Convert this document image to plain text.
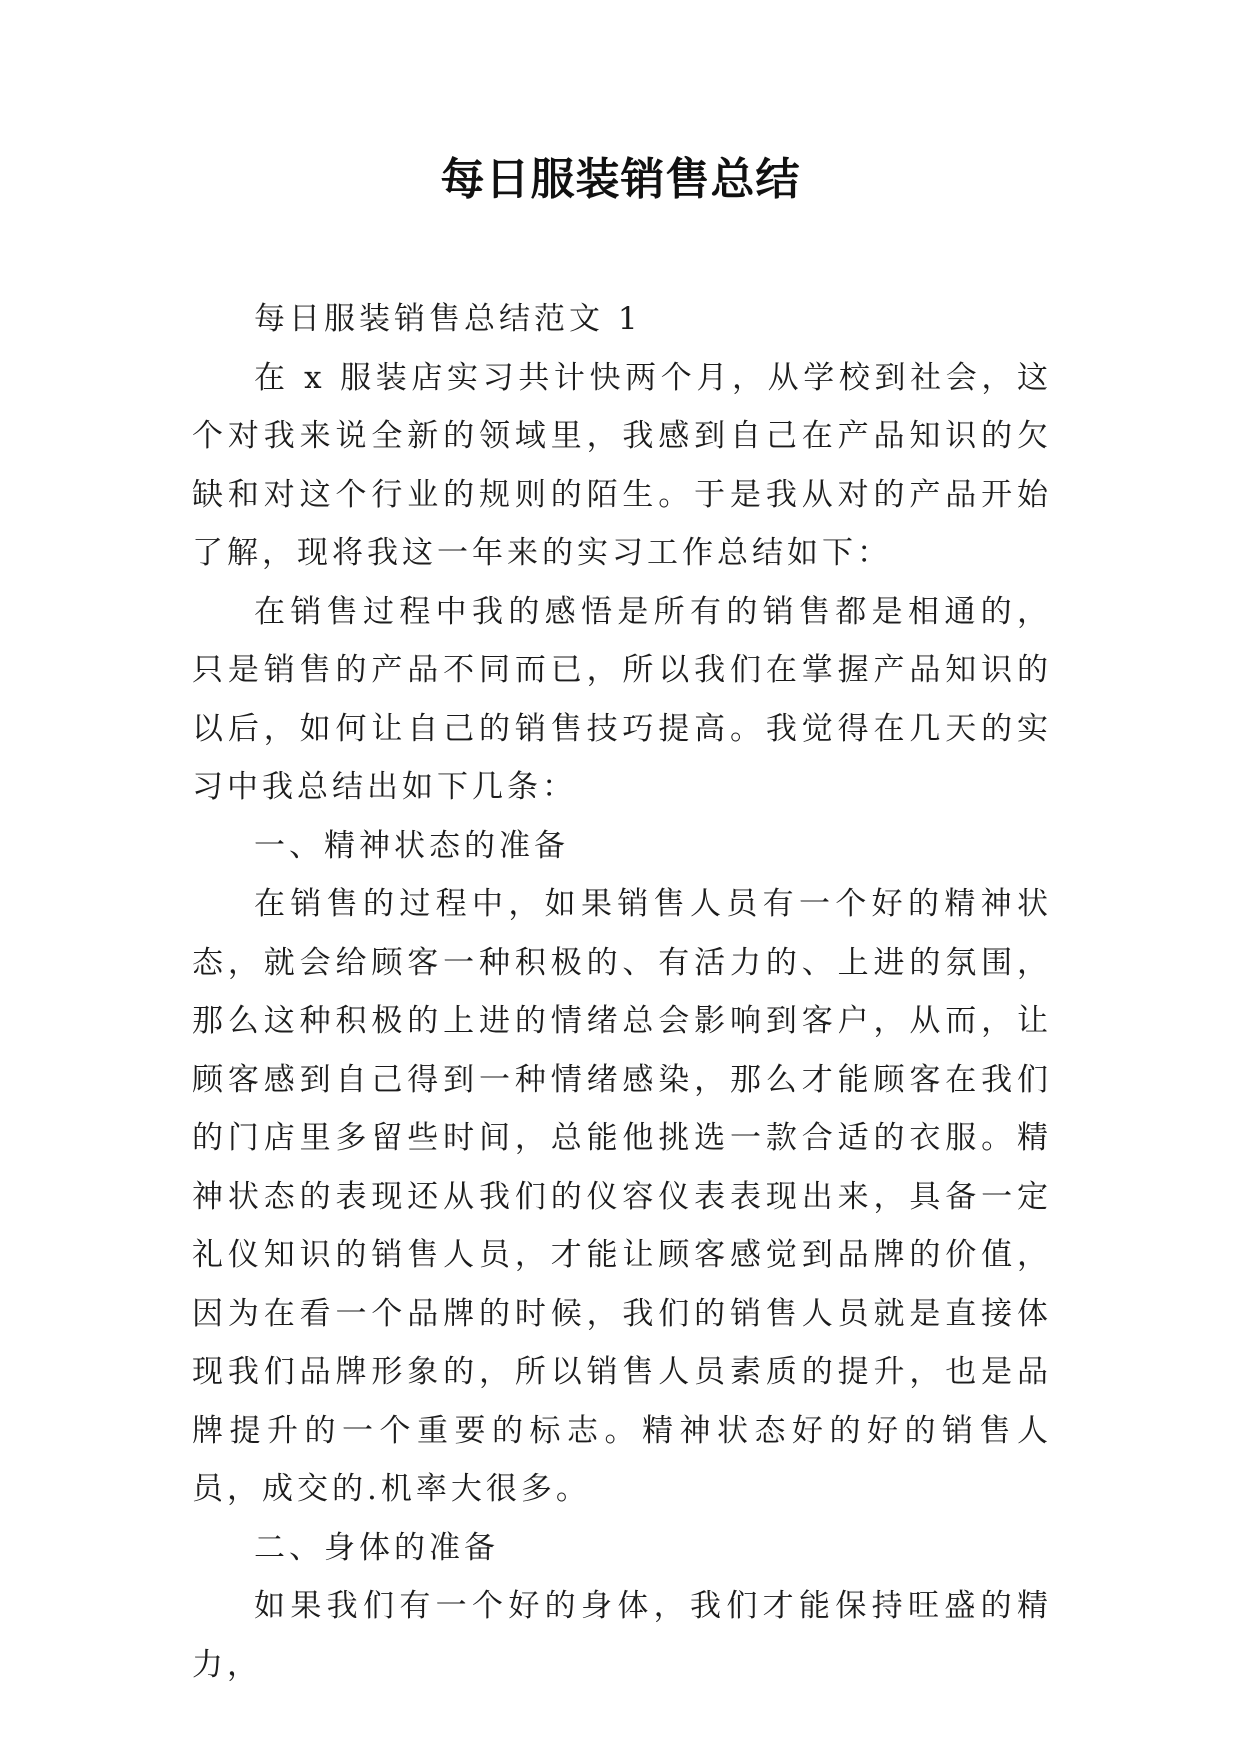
每日服装销售总结

每日服装销售总结范文 1

在 x 服装店实习共计快两个月，从学校到社会，这个对我来说全新的领域里，我感到自己在产品知识的欠缺和对这个行业的规则的陌生。于是我从对的产品开始了解，现将我这一年来的实习工作总结如下：

在销售过程中我的感悟是所有的销售都是相通的，只是销售的产品不同而已，所以我们在掌握产品知识的以后，如何让自己的销售技巧提高。我觉得在几天的实习中我总结出如下几条：

一、精神状态的准备

在销售的过程中，如果销售人员有一个好的精神状态，就会给顾客一种积极的、有活力的、上进的氛围，那么这种积极的上进的情绪总会影响到客户，从而，让顾客感到自己得到一种情绪感染，那么才能顾客在我们的门店里多留些时间，总能他挑选一款合适的衣服。精神状态的表现还从我们的仪容仪表表现出来，具备一定礼仪知识的销售人员，才能让顾客感觉到品牌的价值，因为在看一个品牌的时候，我们的销售人员就是直接体现我们品牌形象的，所以销售人员素质的提升，也是品牌提升的一个重要的标志。精神状态好的好的销售人员，成交的.机率大很多。

二、身体的准备

如果我们有一个好的身体，我们才能保持旺盛的精力，
